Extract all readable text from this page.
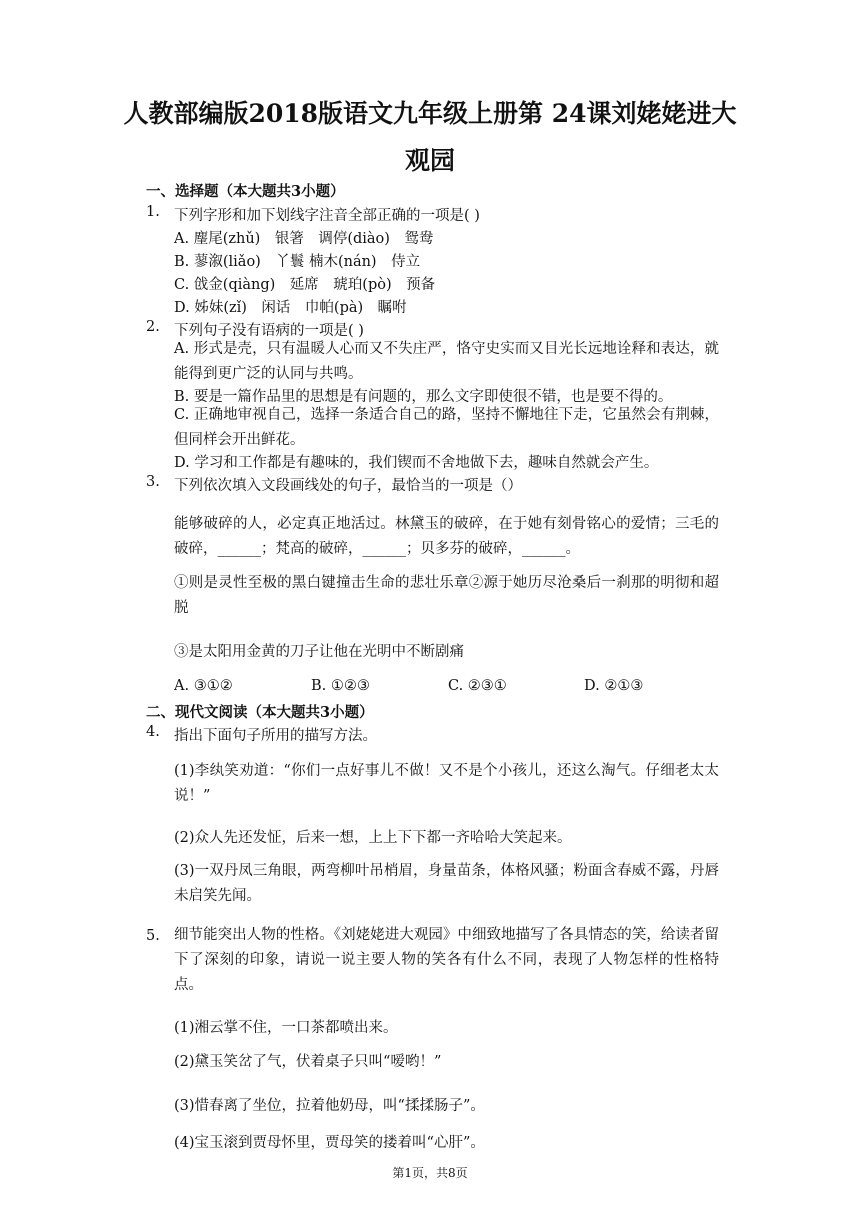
人教部编版2018版语文九年级上册第 24课刘姥姥进大
观园
一、选择题（本大题共3小题）
1. 下列字形和加下划线字注音全部正确的一项是( )
A. 麈尾(zhǔ)　银箸　调停(diào)　鸳鸯
B. 蓼溆(liǎo)　丫鬟 楠木(nán)　侍立
C. 戗金(qiàng)　延席　琥珀(pò)　预备
D. 姊妹(zǐ)　闲话　巾帕(pà)　瞩咐
2. 下列句子没有语病的一项是( )
A. 形式是壳，只有温暖人心而又不失庄严，恪守史实而又目光长远地诠释和表达，就能得到更广泛的认同与共鸣。
B. 要是一篇作品里的思想是有问题的，那么文字即使很不错，也是要不得的。
C. 正确地审视自己，选择一条适合自己的路，坚持不懈地往下走，它虽然会有荆棘，但同样会开出鲜花。
D. 学习和工作都是有趣味的，我们锲而不舍地做下去，趣味自然就会产生。
3. 下列依次填入文段画线处的句子，最恰当的一项是（）
能够破碎的人，必定真正地活过。林黛玉的破碎，在于她有刻骨铭心的爱情；三毛的破碎，______；梵高的破碎，______；贝多芬的破碎，______。
①则是灵性至极的黑白键撞击生命的悲壮乐章②源于她历尽沧桑后一刹那的明彻和超脱
③是太阳用金黄的刀子让他在光明中不断剧痛
A. ③①②	B. ①②③	C. ②③①	D. ②①③
二、现代文阅读（本大题共3小题）
4. 指出下面句子所用的描写方法。
(1)李纨笑劝道：“你们一点好事儿不做！又不是个小孩儿，还这么淘气。仔细老太太说！”
(2)众人先还发怔，后来一想，上上下下都一齐哈哈大笑起来。
(3)一双丹凤三角眼，两弯柳叶吊梢眉，身量苗条，体格风骚；粉面含春威不露，丹唇未启笑先闻。
5. 细节能突出人物的性格。《刘姥姥进大观园》中细致地描写了各具情态的笑，给读者留下了深刻的印象，请说一说主要人物的笑各有什么不同，表现了人物怎样的性格特点。
(1)湘云掌不住，一口茶都喷出来。
(2)黛玉笑岔了气，伏着桌子只叫“嗳哟！”
(3)惜春离了坐位，拉着他奶母，叫“揉揉肠子”。
(4)宝玉滚到贾母怀里，贾母笑的搂着叫“心肝”。
第1页，共8页
